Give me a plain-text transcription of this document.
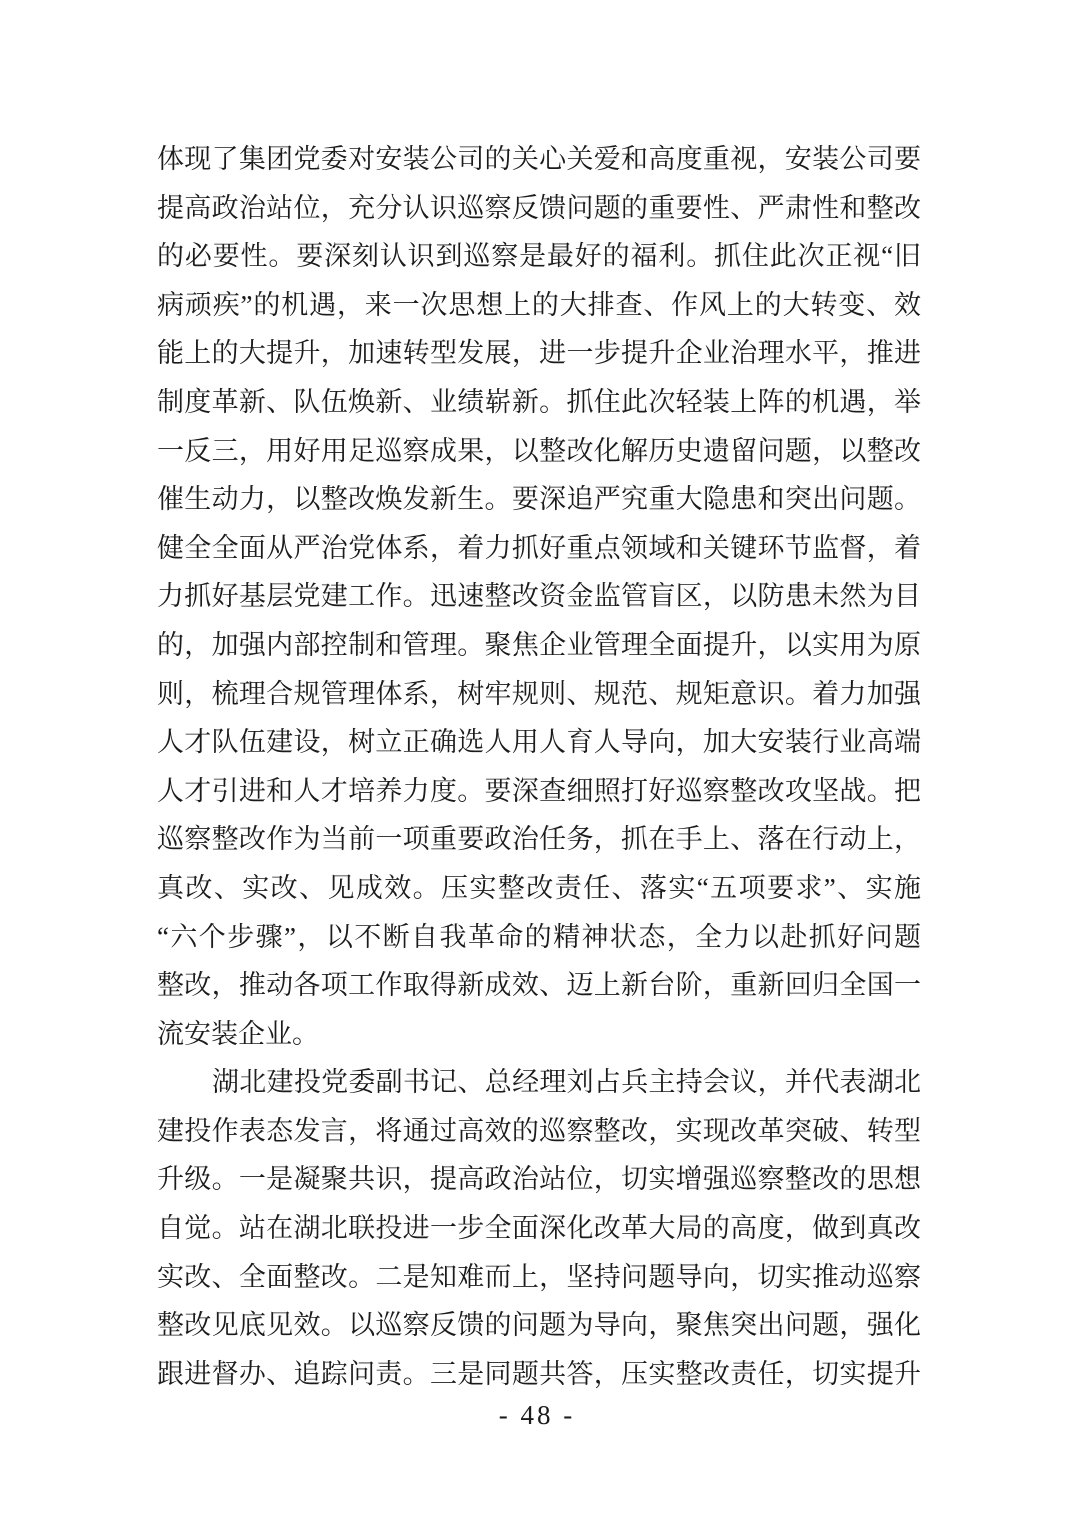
体现了集团党委对安装公司的关心关爱和高度重视，安装公司要
提高政治站位，充分认识巡察反馈问题的重要性、严肃性和整改
的必要性。要深刻认识到巡察是最好的福利。抓住此次正视“旧
病顽疾”的机遇，来一次思想上的大排查、作风上的大转变、效
能上的大提升，加速转型发展，进一步提升企业治理水平，推进
制度革新、队伍焕新、业绩崭新。抓住此次轻装上阵的机遇，举
一反三，用好用足巡察成果，以整改化解历史遗留问题，以整改
催生动力，以整改焕发新生。要深追严究重大隐患和突出问题。
健全全面从严治党体系，着力抓好重点领域和关键环节监督，着
力抓好基层党建工作。迅速整改资金监管盲区，以防患未然为目
的，加强内部控制和管理。聚焦企业管理全面提升，以实用为原
则，梳理合规管理体系，树牢规则、规范、规矩意识。着力加强
人才队伍建设，树立正确选人用人育人导向，加大安装行业高端
人才引进和人才培养力度。要深查细照打好巡察整改攻坚战。把
巡察整改作为当前一项重要政治任务，抓在手上、落在行动上，
真改、实改、见成效。压实整改责任、落实“五项要求”、实施
“六个步骤”，以不断自我革命的精神状态，全力以赴抓好问题
整改，推动各项工作取得新成效、迈上新台阶，重新回归全国一
流安装企业。
湖北建投党委副书记、总经理刘占兵主持会议，并代表湖北
建投作表态发言，将通过高效的巡察整改，实现改革突破、转型
升级。一是凝聚共识，提高政治站位，切实增强巡察整改的思想
自觉。站在湖北联投进一步全面深化改革大局的高度，做到真改
实改、全面整改。二是知难而上，坚持问题导向，切实推动巡察
整改见底见效。以巡察反馈的问题为导向，聚焦突出问题，强化
跟进督办、追踪问责。三是同题共答，压实整改责任，切实提升
- 48 -
